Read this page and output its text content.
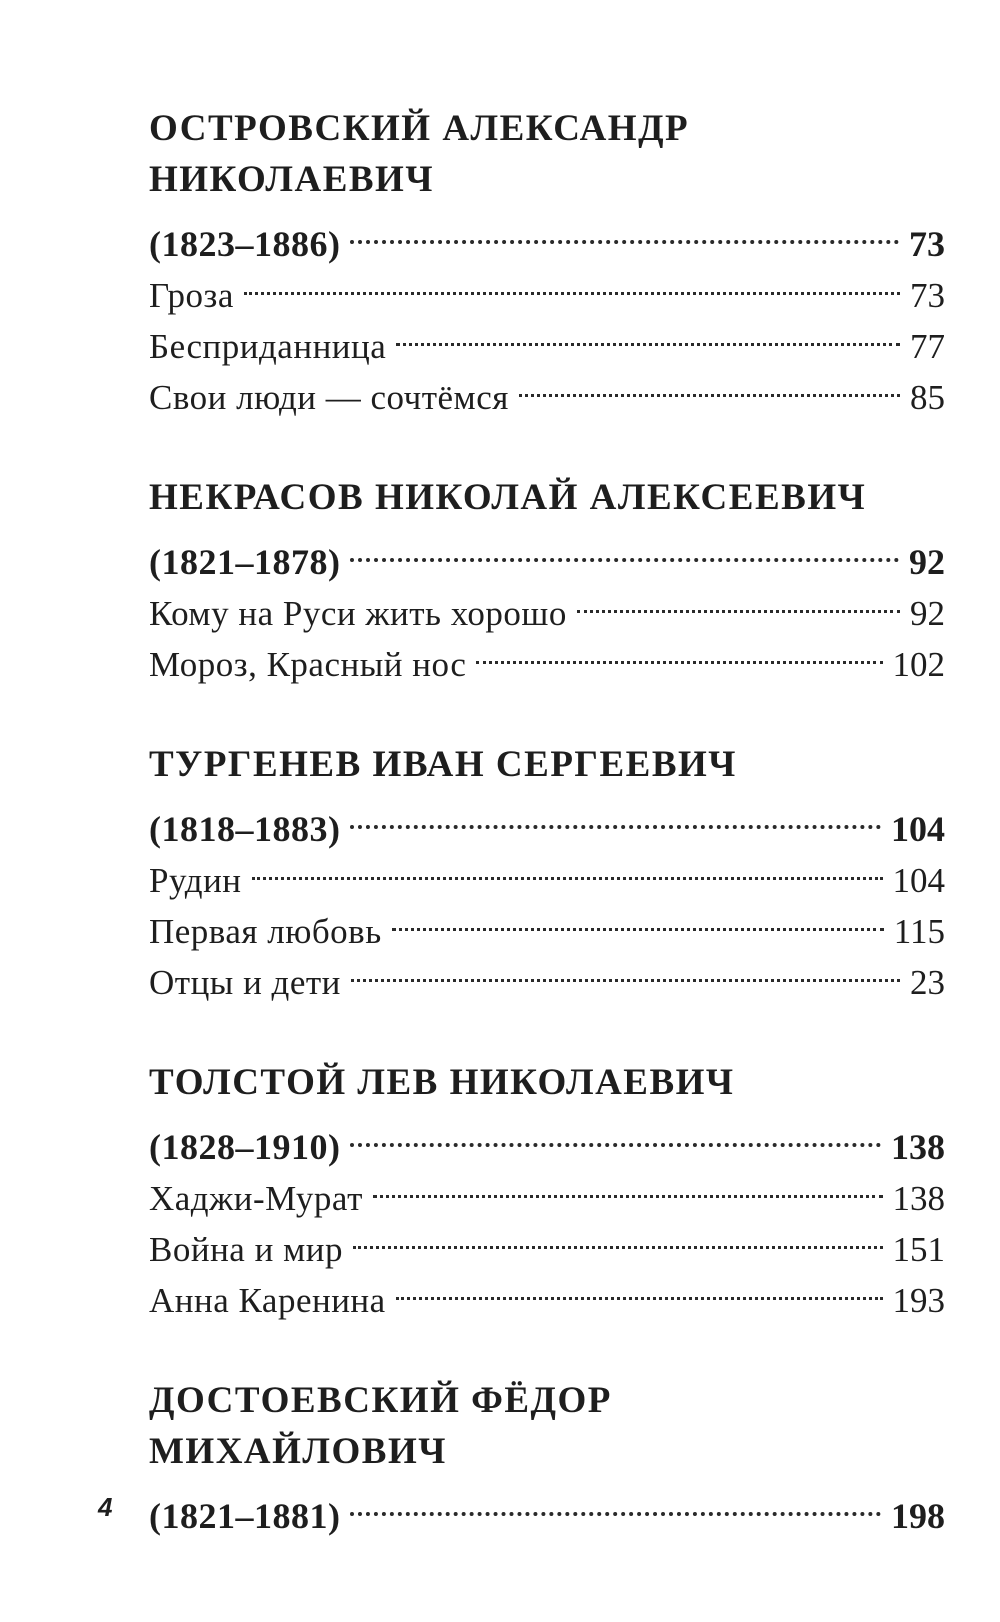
ОСТРОВСКИЙ АЛЕКСАНДР
НИКОЛАЕВИЧ
(1823–1886)	73
Гроза	73
Бесприданница	77
Свои люди — сочтёмся	85
НЕКРАСОВ НИКОЛАЙ АЛЕКСЕЕВИЧ
(1821–1878)	92
Кому на Руси жить хорошо	92
Мороз, Красный нос	102
ТУРГЕНЕВ ИВАН СЕРГЕЕВИЧ
(1818–1883)	104
Рудин	104
Первая любовь	115
Отцы и дети	23
ТОЛСТОЙ ЛЕВ НИКОЛАЕВИЧ
(1828–1910)	138
Хаджи-Мурат	138
Война и мир	151
Анна Каренина	193
ДОСТОЕВСКИЙ ФЁДОР
МИХАЙЛОВИЧ
(1821–1881)	198
4
